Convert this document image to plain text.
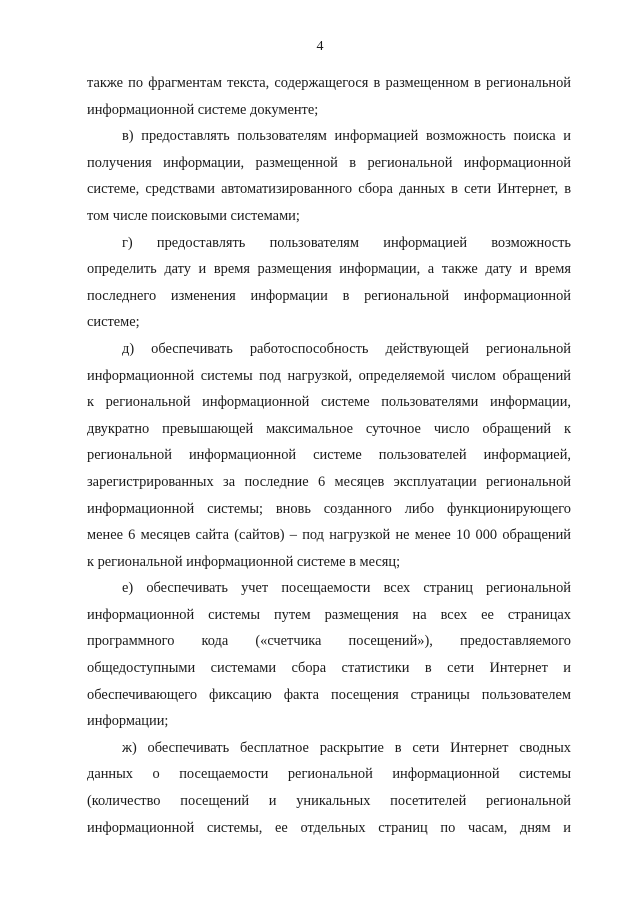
4
также по фрагментам текста, содержащегося в размещенном в региональной
информационной системе документе;
в) предоставлять пользователям информацией возможность поиска и
получения информации, размещенной в региональной информационной
системе, средствами автоматизированного сбора данных в сети Интернет, в
том числе поисковыми системами;
г) предоставлять пользователям информацией возможность
определить дату и время размещения информации, а также дату и время
последнего изменения информации в региональной информационной
системе;
д) обеспечивать работоспособность действующей региональной
информационной системы под нагрузкой, определяемой числом обращений
к региональной информационной системе пользователями информации,
двукратно превышающей максимальное суточное число обращений к
региональной информационной системе пользователей информацией,
зарегистрированных за последние 6 месяцев эксплуатации региональной
информационной системы; вновь созданного либо функционирующего
менее 6 месяцев сайта (сайтов) – под нагрузкой не менее 10 000 обращений
к региональной информационной системе в месяц;
е) обеспечивать учет посещаемости всех страниц региональной
информационной системы путем размещения на всех ее страницах
программного кода («счетчика посещений»), предоставляемого
общедоступными системами сбора статистики в сети Интернет и
обеспечивающего фиксацию факта посещения страницы пользователем
информации;
ж) обеспечивать бесплатное раскрытие в сети Интернет сводных
данных о посещаемости региональной информационной системы
(количество посещений и уникальных посетителей региональной
информационной системы, ее отдельных страниц по часам, дням и
